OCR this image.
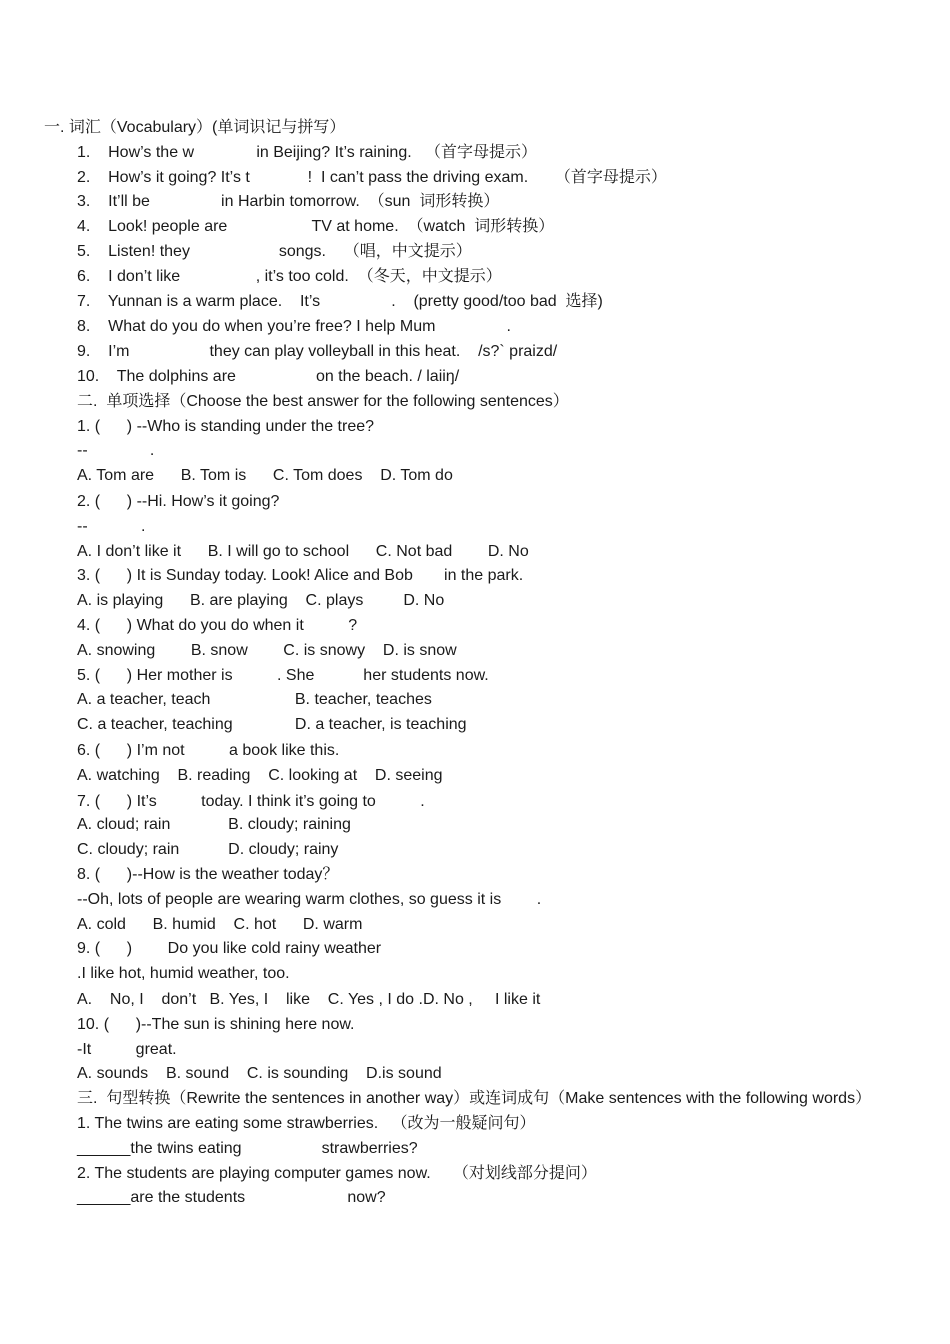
一. 词汇（Vocabulary）(单词识记与拼写）
1.    How’s the w              in Beijing? It’s raining.   （首字母提示）
2.    How’s it going? It’s t             !  I can’t pass the driving exam.      （首字母提示）
3.    It’ll be                in Harbin tomorrow.  （sun  词形转换）
4.    Look! people are                   TV at home.  （watch  词形转换）
5.    Listen! they                    songs.    （唱，中文提示）
6.    I don’t like                 , it’s too cold.  （冬天，中文提示）
7.    Yunnan is a warm place.    It’s                .    (pretty good/too bad  选择)
8.    What do you do when you’re free? I help Mum                .
9.    I’m                  they can play volleyball in this heat.    /s?` praizd/
10.    The dolphins are                  on the beach. / laiiŋ/
二.  单项选择（Choose the best answer for the following sentences）
1. (      ) --Who is standing under the tree?
--              .
A. Tom are      B. Tom is      C. Tom does    D. Tom do
2. (      ) --Hi. How’s it going?
--            .
A. I don’t like it      B. I will go to school      C. Not bad        D. No
3. (      ) It is Sunday today. Look! Alice and Bob       in the park.
A. is playing      B. are playing    C. plays         D. No
4. (      ) What do you do when it          ?
A. snowing        B. snow        C. is snowy    D. is snow
5. (      ) Her mother is          . She           her students now.
A. a teacher, teach                   B. teacher, teaches
C. a teacher, teaching              D. a teacher, is teaching
6. (      ) I’m not          a book like this.
A. watching    B. reading    C. looking at    D. seeing
7. (      ) It’s          today. I think it’s going to          .
A. cloud; rain             B. cloudy; raining
C. cloudy; rain           D. cloudy; rainy
8. (      )--How is the weather today？
--Oh, lots of people are wearing warm clothes, so guess it is        .
A. cold      B. humid    C. hot      D. warm
9. (      )        Do you like cold rainy weather
.I like hot, humid weather, too.
A.    No, I    don’t   B. Yes, I    like    C. Yes , I do .D. No ,     I like it
10. (      )--The sun is shining here now.
-It          great.
A. sounds    B. sound    C. is sounding    D.is sound
三.  句型转换（Rewrite the sentences in another way）或连词成句（Make sentences with the following words）
1. The twins are eating some strawberries.   （改为一般疑问句）
______the twins eating                  strawberries?
2. The students are playing computer games now.     （对划线部分提问）
______are the students                       now?
